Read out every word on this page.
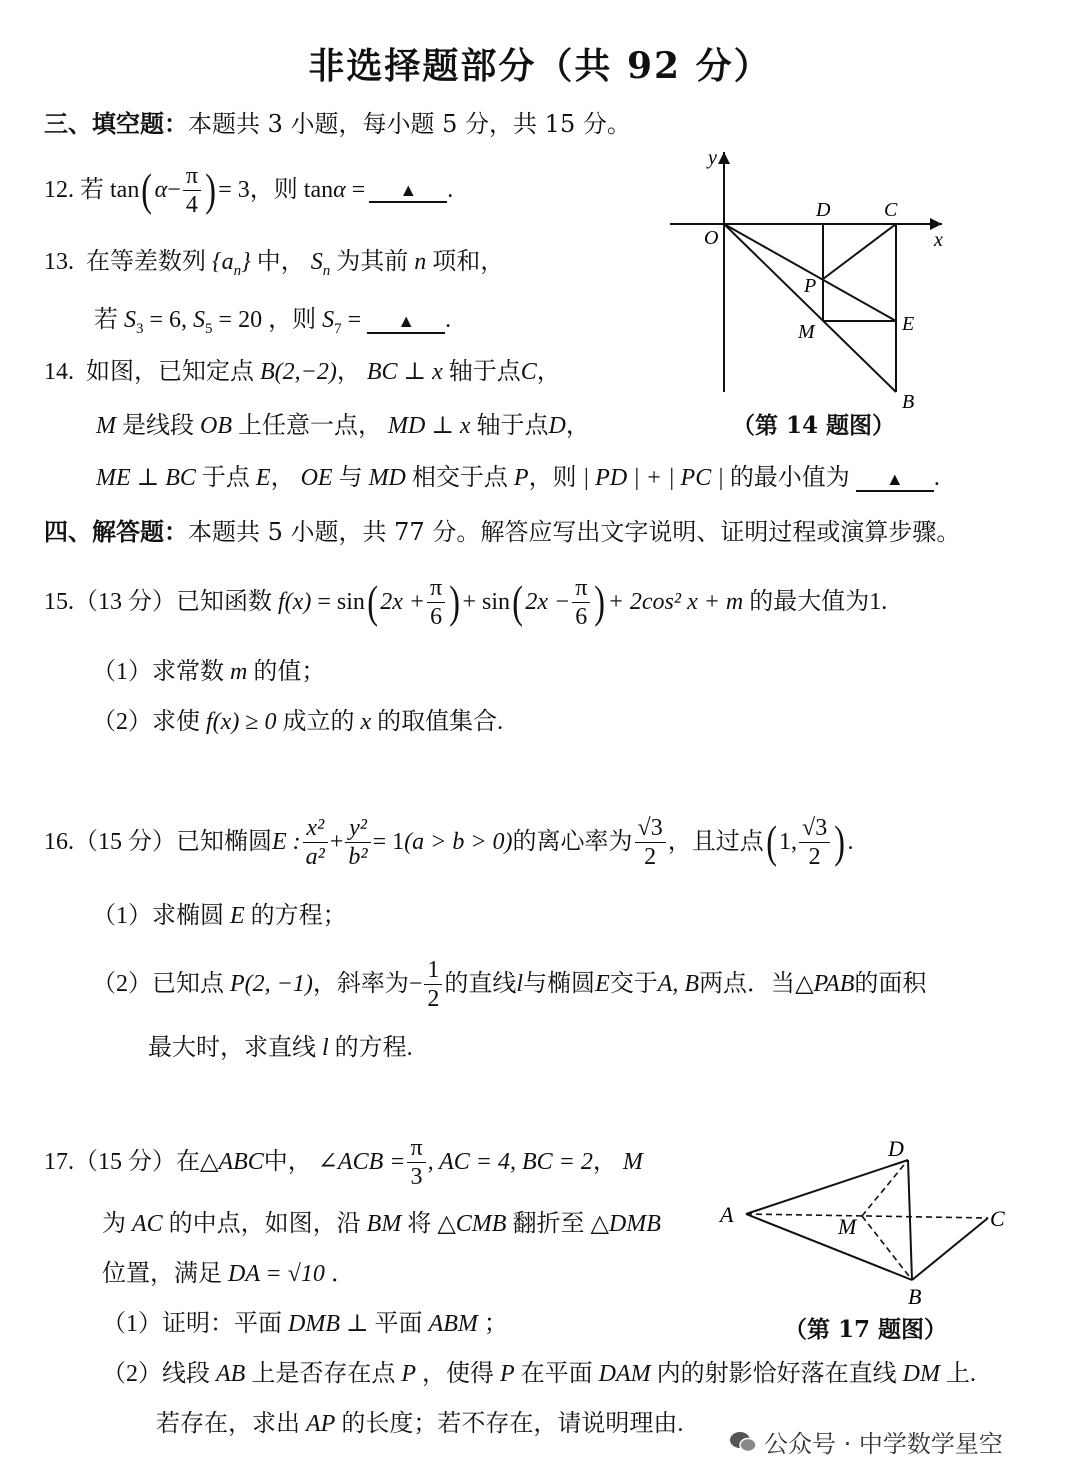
非选择题部分（共 92 分）
三、填空题：本题共 3 小题，每小题 5 分，共 15 分。
12.
若
tan ( $\alpha - \frac{\pi}{4}$ ) = 3，则 tan α
=	▲	.
13. 在等差数列 $\{a_n\}$ 中， $S_n$ 为其前 n 项和，
若 $S_3 = 6$, $S_5 = 20$ ，则 $S_7$ = ▲ .
14. 如图，已知定点 B(2,−2)， BC ⊥ x 轴于点C，
M 是线段 OB 上任意一点， MD ⊥ x 轴于点D，
ME ⊥ BC 于点 E， OE 与 MD 相交于点 P，则 | PD | + | PC | 的最小值为 ▲ .
y
x
O
D	C
P
M	E
B
（第 14 题图）
四、解答题：本题共 5 小题，共 77 分。解答应写出文字说明、证明过程或演算步骤。
15. （13 分） 已知函数
f(x)
= sin ( $2x + \frac{\pi}{6}$ ) + sin ( $2x - \frac{\pi}{6}$ ) + 2cos² x + m
的最大值为 1.
（1）求常数 m 的值；
（2）求使 f(x) ≥ 0 成立的 x 的取值集合.
16. （15 分） 已知椭圆 E : $\frac{\text{x²}}{\text{a²}} + \frac{\text{y²}}{\text{b²}} = 1$ (a > b > 0) 的离心率为 $\frac{√3}{2}$ ，且过点 ( 1, $\frac{√3}{2}$ ) .
（1）求椭圆 E 的方程；
（2）已知点
P(2, −1) ，斜率为 − $\frac{1}{2}$ 的直线 l 与椭圆 E 交于 A, B 两点．当 △PAB 的面积
最大时，求直线 l 的方程.
17. （15 分） 在 △ABC 中，
∠ACB = $\frac{\pi}{3}$ , AC = 4, BC = 2 ，
M
为 AC 的中点，如图，沿 BM 将 △CMB 翻折至 △DMB
位置，满足 DA = √10 ．
（1）证明：平面 DMB ⊥ 平面 ABM ；
（2）线段 AB 上是否存在点 P ，使得 P 在平面 DAM 内的射影恰好落在直线 DM 上.
若存在，求出 AP 的长度；若不存在，请说明理由.
A
D
M	C
B
（第 17 题图）
公众号 · 中学数学星空
